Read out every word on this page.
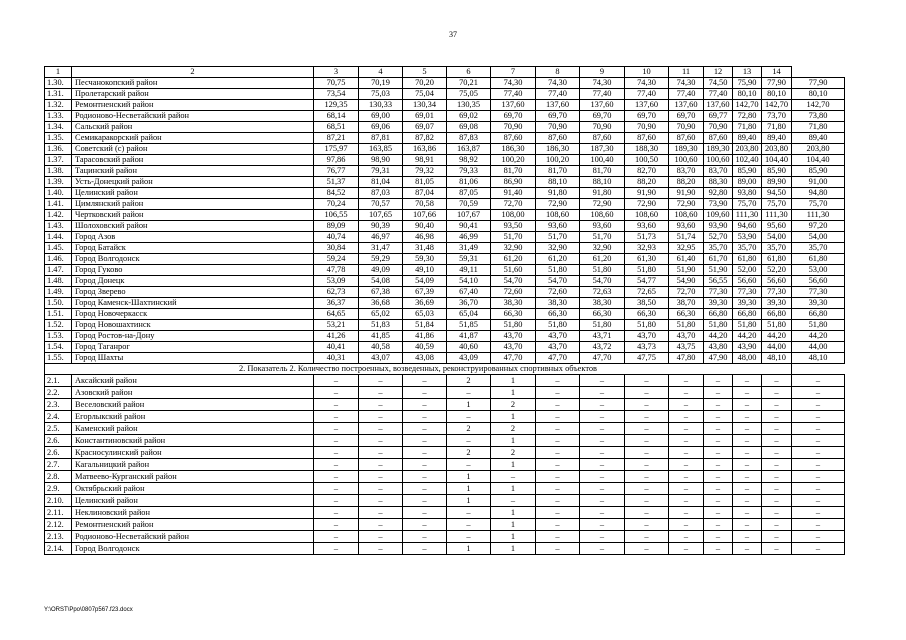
37
1	2	3	4	5	6	7	8	9	10	11	12	13	14	
1.30.	Песчанокопский район	70,75	70,19	70,20	70,21	74,30	74,30	74,30	74,30	74,30	74,50	75,90	77,90	77,90
1.31.	Пролетарский район	73,54	75,03	75,04	75,05	77,40	77,40	77,40	77,40	77,40	77,40	80,10	80,10	80,10
1.32.	Ремонтненский район	129,35	130,33	130,34	130,35	137,60	137,60	137,60	137,60	137,60	137,60	142,70	142,70	142,70
1.33.	Родионово-Несветайский район	68,14	69,00	69,01	69,02	69,70	69,70	69,70	69,70	69,70	69,77	72,80	73,70	73,80
1.34.	Сальский район	68,51	69,06	69,07	69,08	70,90	70,90	70,90	70,90	70,90	70,90	71,80	71,80	71,80
1.35.	Семикаракорский район	87,21	87,81	87,82	87,83	87,60	87,60	87,60	87,60	87,60	87,60	89,40	89,40	89,40
1.36.	Советский (с) район	175,97	163,85	163,86	163,87	186,30	186,30	187,30	188,30	189,30	189,30	203,80	203,80	203,80
1.37.	Тарасовский район	97,86	98,90	98,91	98,92	100,20	100,20	100,40	100,50	100,60	100,60	102,40	104,40	104,40
1.38.	Тацинский район	76,77	79,31	79,32	79,33	81,70	81,70	81,70	82,70	83,70	83,70	85,90	85,90	85,90
1.39.	Усть-Донецкий район	51,37	81,04	81,05	81,06	86,90	88,10	88,10	88,20	88,20	88,30	89,00	89,90	91,00
1.40.	Целинский район	84,52	87,03	87,04	87,05	91,40	91,80	91,80	91,90	91,90	92,80	93,80	94,50	94,80
1.41.	Цимлянский район	70,24	70,57	70,58	70,59	72,70	72,90	72,90	72,90	72,90	73,90	75,70	75,70	75,70
1.42.	Чертковский район	106,55	107,65	107,66	107,67	108,00	108,60	108,60	108,60	108,60	109,60	111,30	111,30	111,30
1.43.	Шолоховский район	89,09	90,39	90,40	90,41	93,50	93,60	93,60	93,60	93,60	93,90	94,60	95,60	97,20
1.44.	Город Азов	40,74	46,97	46,98	46,99	51,70	51,70	51,70	51,73	51,74	52,70	53,90	54,00	54,00
1.45.	Город Батайск	30,84	31,47	31,48	31,49	32,90	32,90	32,90	32,93	32,95	35,70	35,70	35,70	35,70
1.46.	Город Волгодонск	59,24	59,29	59,30	59,31	61,20	61,20	61,20	61,30	61,40	61,70	61,80	61,80	61,80
1.47.	Город Гуково	47,78	49,09	49,10	49,11	51,60	51,80	51,80	51,80	51,90	51,90	52,00	52,20	53,00
1.48.	Город Донецк	53,09	54,08	54,09	54,10	54,70	54,70	54,70	54,77	54,90	56,55	56,60	56,60	56,60
1.49.	Город Зверево	62,73	67,38	67,39	67,40	72,60	72,60	72,63	72,65	72,70	77,30	77,30	77,30	77,30
1.50.	Город Каменск-Шахтинский	36,37	36,68	36,69	36,70	38,30	38,30	38,30	38,50	38,70	39,30	39,30	39,30	39,30
1.51.	Город Новочеркасск	64,65	65,02	65,03	65,04	66,30	66,30	66,30	66,30	66,30	66,80	66,80	66,80	66,80
1.52.	Город Новошахтинск	53,21	51,83	51,84	51,85	51,80	51,80	51,80	51,80	51,80	51,80	51,80	51,80	51,80
1.53.	Город Ростов-на-Дону	41,26	41,85	41,86	41,87	43,70	43,70	43,71	43,70	43,70	44,20	44,20	44,20	44,20
1.54.	Город Таганрог	40,41	40,58	40,59	40,60	43,70	43,70	43,72	43,73	43,75	43,80	43,90	44,00	44,00
1.55.	Город Шахты	40,31	43,07	43,08	43,09	47,70	47,70	47,70	47,75	47,80	47,90	48,00	48,10	48,10
2. Показатель 2. Количество построенных, возведенных, реконструированных спортивных объектов														
2.1.	Аксайский район	–	–	–	2	1	–	–	–	–	–	–	–	–
2.2.	Азовский район	–	–	–	–	1	–	–	–	–	–	–	–	–
2.3.	Веселовский район	–	–	–	1	2	–	–	–	–	–	–	–	–
2.4.	Егорлыкский район	–	–	–	–	1	–	–	–	–	–	–	–	–
2.5.	Каменский район	–	–	–	2	2	–	–	–	–	–	–	–	–
2.6.	Константиновский район	–	–	–	–	1	–	–	–	–	–	–	–	–
2.6.	Красносулинский район	–	–	–	2	2	–	–	–	–	–	–	–	–
2.7.	Кагальницкий район	–	–	–	–	1	–	–	–	–	–	–	–	–
2.8.	Матвеево-Курганский район	–	–	–	1	–	–	–	–	–	–	–	–	–
2.9.	Октябрьский район	–	–	–	1	1	–	–	–	–	–	–	–	–
2.10.	Целинский район	–	–	–	1	–	–	–	–	–	–	–	–	–
2.11.	Неклиновский район	–	–	–	–	1	–	–	–	–	–	–	–	–
2.12.	Ремонтненский район	–	–	–	–	1	–	–	–	–	–	–	–	–
2.13.	Родионово-Несветайский район	–	–	–	–	1	–	–	–	–	–	–	–	–
2.14.	Город Волгодонск	–	–	–	1	1	–	–	–	–	–	–	–	–
Y:\ORST\Ppo\0807p567.f23.docx
